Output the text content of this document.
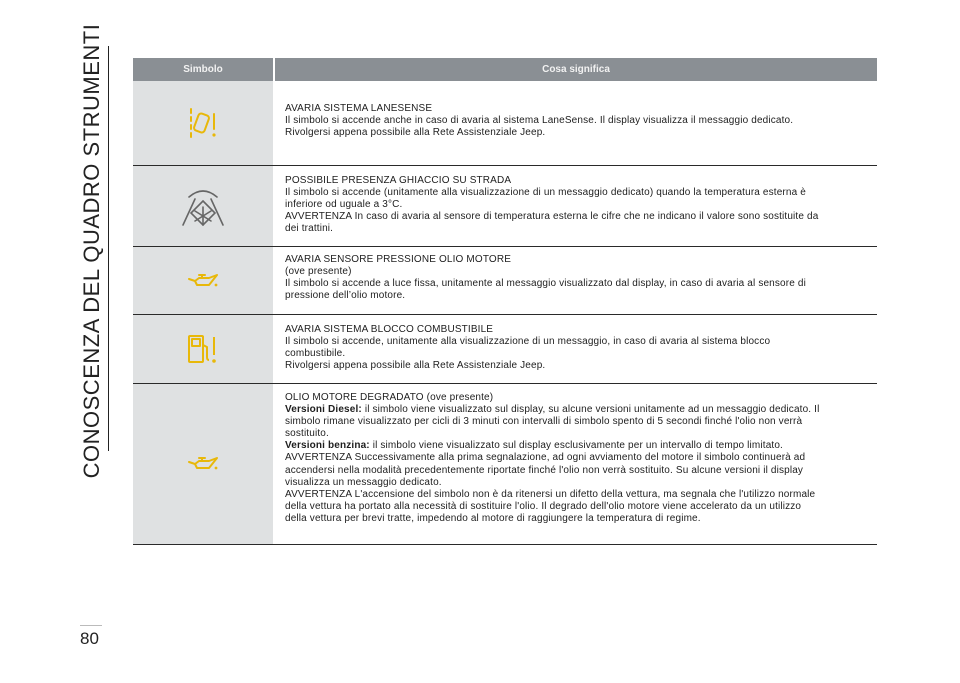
CONOSCENZA DEL QUADRO STRUMENTI
80
Simbolo	Cosa significa
AVARIA SISTEMA LANESENSE
Il simbolo si accende anche in caso di avaria al sistema LaneSense. Il display visualizza il messaggio dedicato.
Rivolgersi appena possibile alla Rete Assistenziale Jeep.
POSSIBILE PRESENZA GHIACCIO SU STRADA
Il simbolo si accende (unitamente alla visualizzazione di un messaggio dedicato) quando la temperatura esterna è
inferiore od uguale a 3°C.
AVVERTENZA In caso di avaria al sensore di temperatura esterna le cifre che ne indicano il valore sono sostituite da
dei trattini.
AVARIA SENSORE PRESSIONE OLIO MOTORE
(ove presente)
Il simbolo si accende a luce fissa, unitamente al messaggio visualizzato dal display, in caso di avaria al sensore di
pressione dell’olio motore.
AVARIA SISTEMA BLOCCO COMBUSTIBILE
Il simbolo si accende, unitamente alla visualizzazione di un messaggio, in caso di avaria al sistema blocco
combustibile.
Rivolgersi appena possibile alla Rete Assistenziale Jeep.
OLIO MOTORE DEGRADATO (ove presente)
Versioni Diesel: il simbolo viene visualizzato sul display, su alcune versioni unitamente ad un messaggio dedicato. Il
simbolo rimane visualizzato per cicli di 3 minuti con intervalli di simbolo spento di 5 secondi finché l'olio non verrà
sostituito.
Versioni benzina: il simbolo viene visualizzato sul display esclusivamente per un intervallo di tempo limitato.
AVVERTENZA Successivamente alla prima segnalazione, ad ogni avviamento del motore il simbolo continuerà ad
accendersi nella modalità precedentemente riportate finché l'olio non verrà sostituito. Su alcune versioni il display
visualizza un messaggio dedicato.
AVVERTENZA L'accensione del simbolo non è da ritenersi un difetto della vettura, ma segnala che l'utilizzo normale
della vettura ha portato alla necessità di sostituire l'olio. Il degrado dell'olio motore viene accelerato da un utilizzo
della vettura per brevi tratte, impedendo al motore di raggiungere la temperatura di regime.
